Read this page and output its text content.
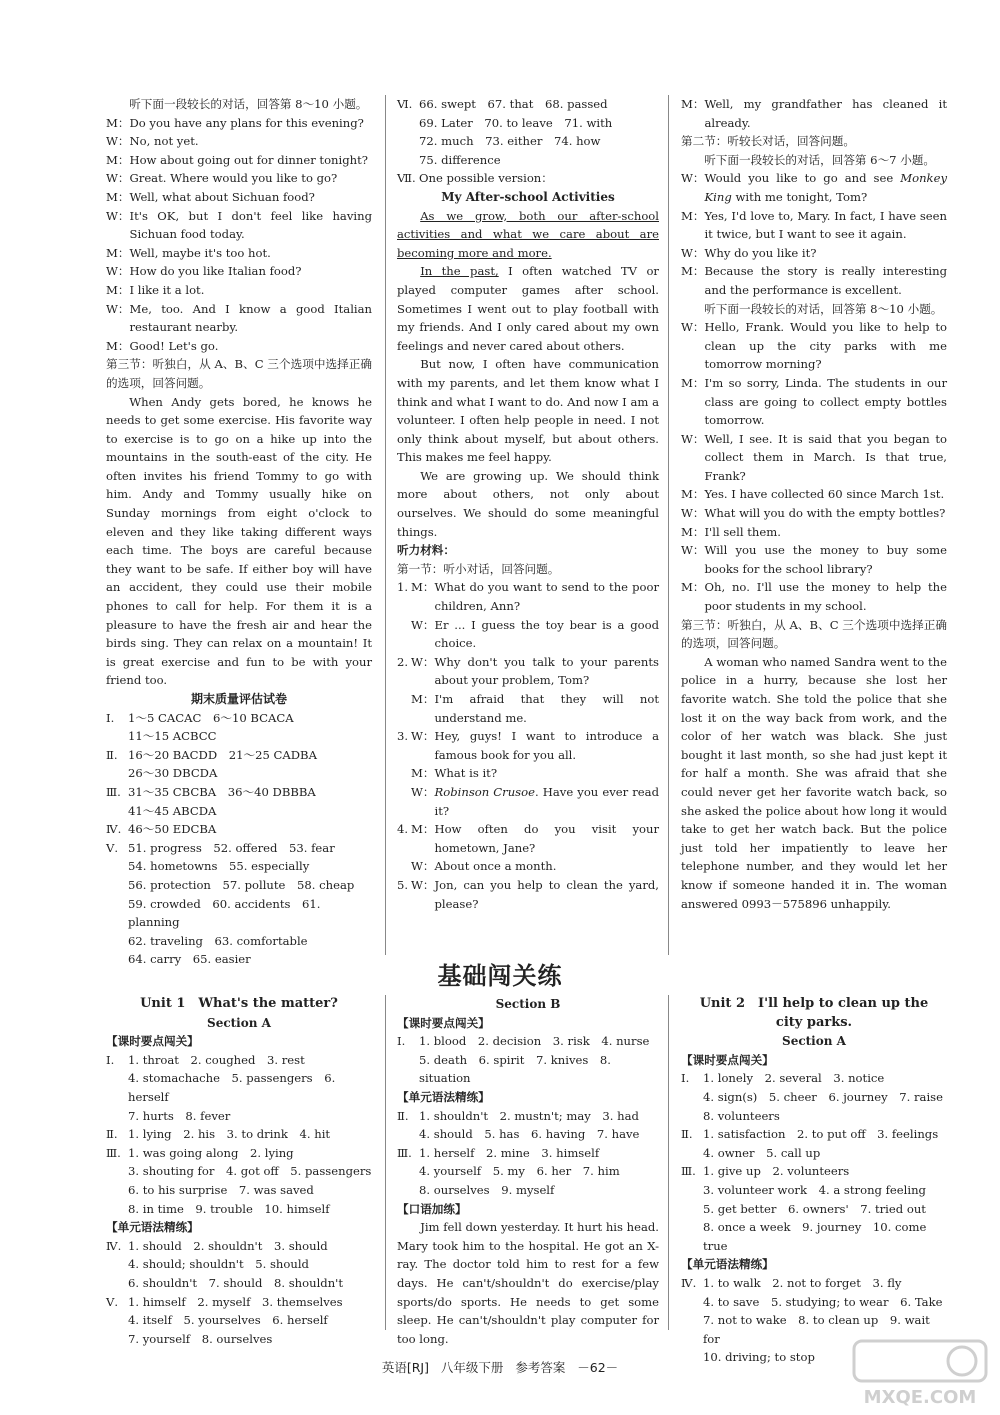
听下面一段较长的对话，回答第 8～10 小题。

M： Do you have any plans for this evening?
W： No, not yet.
M： How about going out for dinner tonight?
W： Great. Where would you like to go?
M： Well, what about Sichuan food?
W： It's OK, but I don't feel like having Sichuan food today.
M： Well, maybe it's too hot.
W： How do you like Italian food?
M： I like it a lot.
W： Me, too. And I know a good Italian restaurant nearby.
M： Good! Let's go.

第三节：听独白，从 A、B、C 三个选项中选择正确的选项，回答问题。

When Andy gets bored, he knows he needs to get some exercise. His favorite way to exercise is to go on a hike up into the mountains in the south-east of the city. He often invites his friend Tommy to go with him. Andy and Tommy usually hike on Sunday mornings from eight o'clock to eleven and they like taking different ways each time. The boys are careful because they want to be safe. If either boy will have an accident, they could use their mobile phones to call for help. For them it is a pleasure to have the fresh air and hear the birds sing. They can relax on a mountain! It is great exercise and fun to be with your friend too.

期末质量评估试卷

Ⅰ.	1～5 CACAC　6～10 BCACA
11～15 ACBCC
Ⅱ. 16～20 BACDD　21～25 CADBA
26～30 DBCDA
Ⅲ. 31～35 CBCBA　36～40 DBBBA
41～45 ABCDA
Ⅳ. 46～50 EDCBA
Ⅴ. 51. progress　52. offered　53. fear
54. hometowns　55. especially
56. protection　57. pollute　58. cheap
59. crowded　60. accidents　61. planning
62. traveling　63. comfortable
64. carry　65. easier
Ⅵ. 66. swept　67. that　68. passed
69. Later　70. to leave　71. with
72. much　73. either　74. how
75. difference
Ⅶ. One possible version：

My After-school Activities

As we grow, both our after-school activities and what we care about are becoming more and more.

In the past, I often watched TV or played computer games after school. Sometimes I went out to play football with my friends. And I only cared about my own feelings and never cared about others.

But now, I often have communication with my parents, and let them know what I think and what I want to do. And now I am a volunteer. I often help people in need. I not only think about myself, but about others. This makes me feel happy.

We are growing up. We should think more about others, not only about ourselves. We should do some meaningful things.

听力材料：

第一节：听小对话，回答问题。

1. M： What do you want to send to the poor children, Ann?
W： Er ... I guess the toy bear is a good choice.
2. W： Why don't you talk to your parents about your problem, Tom?
M： I'm afraid that they will not understand me.
3. W： Hey, guys! I want to introduce a famous book for you all.
M： What is it?
W： Robinson Crusoe. Have you ever read it?
4. M： How often do you visit your hometown, Jane?
W： About once a month.
5. W： Jon, can you help to clean the yard, please?
M： Well, my grandfather has cleaned it already.

第二节：听较长对话，回答问题。

听下面一段较长的对话，回答第 6～7 小题。

W： Would you like to go and see Monkey King with me tonight, Tom?
M： Yes, I'd love to, Mary. In fact, I have seen it twice, but I want to see it again.
W： Why do you like it?
M： Because the story is really interesting and the performance is excellent.

听下面一段较长的对话，回答第 8～10 小题。

W： Hello, Frank. Would you like to help to clean up the city parks with me tomorrow morning?
M： I'm so sorry, Linda. The students in our class are going to collect empty bottles tomorrow.
W： Well, I see. It is said that you began to collect them in March. Is that true, Frank?
M： Yes. I have collected 60 since March 1st.
W： What will you do with the empty bottles?
M： I'll sell them.
W： Will you use the money to buy some books for the school library?
M： Oh, no. I'll use the money to help the poor students in my school.

第三节：听独白，从 A、B、C 三个选项中选择正确的选项，回答问题。

A woman who named Sandra went to the police in a hurry, because she lost her favorite watch. She told the police that she lost it on the way back from work, and the color of her watch was black. She just bought it last month, so she had just kept it for half a month. She was afraid that she could never get her favorite watch back, so she asked the police about how long it would take to get her watch back. But the police just told her impatiently to leave her telephone number, and they would let her know if someone handed it in. The woman answered 0993－575896 unhappily.

基础闯关练

Unit 1　What's the matter?

Section A

【课时要点闯关】

Ⅰ.	1. throat　2. coughed　3. rest
4. stomachache　5. passengers　6. herself
7. hurts　8. fever
Ⅱ. 1. lying　2. his　3. to drink　4. hit
Ⅲ. 1. was going along　2. lying
3. shouting for　4. got off　5. passengers
6. to his surprise　7. was saved
8. in time　9. trouble　10. himself

【单元语法精练】

Ⅳ. 1. should　2. shouldn't　3. should
4. should; shouldn't　5. should
6. shouldn't　7. should　8. shouldn't
Ⅴ. 1. himself　2. myself　3. themselves
4. itself　5. yourselves　6. herself
7. yourself　8. ourselves

Section B

【课时要点闯关】

Ⅰ.	1. blood　2. decision　3. risk　4. nurse
5. death　6. spirit　7. knives　8. situation

【单元语法精练】

Ⅱ. 1. shouldn't　2. mustn't; may　3. had
4. should　5. has　6. having　7. have
Ⅲ. 1. herself　2. mine　3. himself
4. yourself　5. my　6. her　7. him
8. ourselves　9. myself

【口语加练】

Jim fell down yesterday. It hurt his head. Mary took him to the hospital. He got an X-ray. The doctor told him to rest for a few days. He can't/shouldn't do exercise/play sports/do sports. He needs to get some sleep. He can't/shouldn't play computer for too long.

Unit 2　I'll help to clean up the

city parks.

Section A

【课时要点闯关】

Ⅰ.	1. lonely　2. several　3. notice
4. sign(s)　5. cheer　6. journey　7. raise
8. volunteers
Ⅱ. 1. satisfaction　2. to put off　3. feelings
4. owner　5. call up
Ⅲ. 1. give up　2. volunteers
3. volunteer work　4. a strong feeling
5. get better　6. owners'　7. tried out
8. once a week　9. journey　10. come true

【单元语法精练】

Ⅳ. 1. to walk　2. not to forget　3. fly
4. to save　5. studying; to wear　6. Take
7. not to wake　8. to clean up　9. wait for
10. driving; to stop
英语[RJ] 八年级下册 参考答案 －62－
MXQE.COM
